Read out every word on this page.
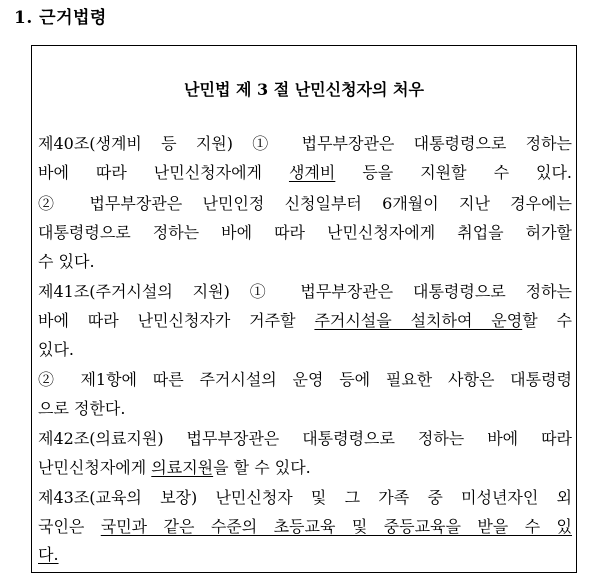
1. 근거법령
난민법 제 3 절 난민신청자의 처우
제40조(생계비 등 지원) ① 법무부장관은 대통령령으로 정하는
바에 따라 난민신청자에게 생계비 등을 지원할 수 있다.
② 법무부장관은 난민인정 신청일부터 6개월이 지난 경우에는
대통령령으로 정하는 바에 따라 난민신청자에게 취업을 허가할
수 있다.
제41조(주거시설의 지원) ① 법무부장관은 대통령령으로 정하는
바에 따라 난민신청자가 거주할 주거시설을 설치하여 운영할 수
있다.
② 제1항에 따른 주거시설의 운영 등에 필요한 사항은 대통령령
으로 정한다.
제42조(의료지원) 법무부장관은 대통령령으로 정하는 바에 따라
난민신청자에게 의료지원을 할 수 있다.
제43조(교육의 보장) 난민신청자 및 그 가족 중 미성년자인 외
국인은 국민과 같은 수준의 초등교육 및 중등교육을 받을 수 있
다.
